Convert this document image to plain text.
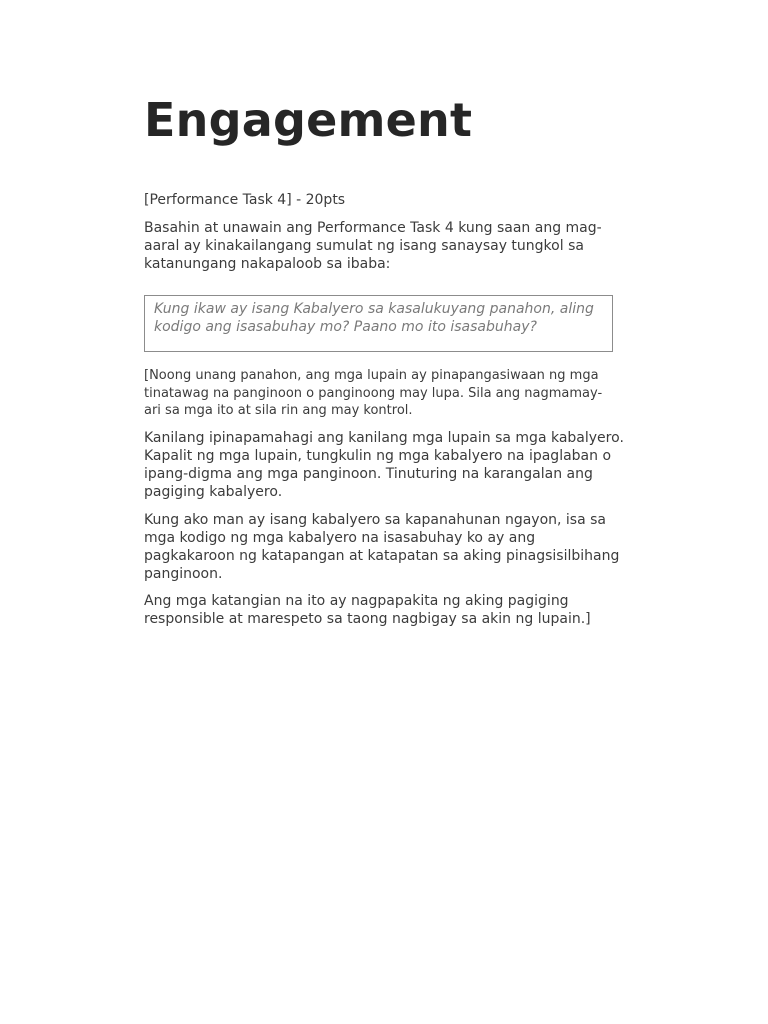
Engagement

[Performance Task 4] - 20pts

Basahin at unawain ang Performance Task 4 kung saan ang mag-aaral ay kinakailangang sumulat ng isang sanaysay tungkol sa katanungang nakapaloob sa ibaba:

Kung ikaw ay isang Kabalyero sa kasalukuyang panahon, aling kodigo ang isasabuhay mo? Paano mo ito isasabuhay?

[Noong unang panahon, ang mga lupain ay pinapangasiwaan ng mga tinatawag na panginoon o panginoong may lupa. Sila ang nagmamay-ari sa mga ito at sila rin ang may kontrol.

Kanilang ipinapamahagi ang kanilang mga lupain sa mga kabalyero. Kapalit ng mga lupain, tungkulin ng mga kabalyero na ipaglaban o ipang-digma ang mga panginoon. Tinuturing na karangalan ang pagiging kabalyero.

Kung ako man ay isang kabalyero sa kapanahunan ngayon, isa sa mga kodigo ng mga kabalyero na isasabuhay ko ay ang pagkakaroon ng katapangan at katapatan sa aking pinagsisilbihang panginoon.

Ang mga katangian na ito ay nagpapakita ng aking pagiging responsible at marespeto sa taong nagbigay sa akin ng lupain.]
